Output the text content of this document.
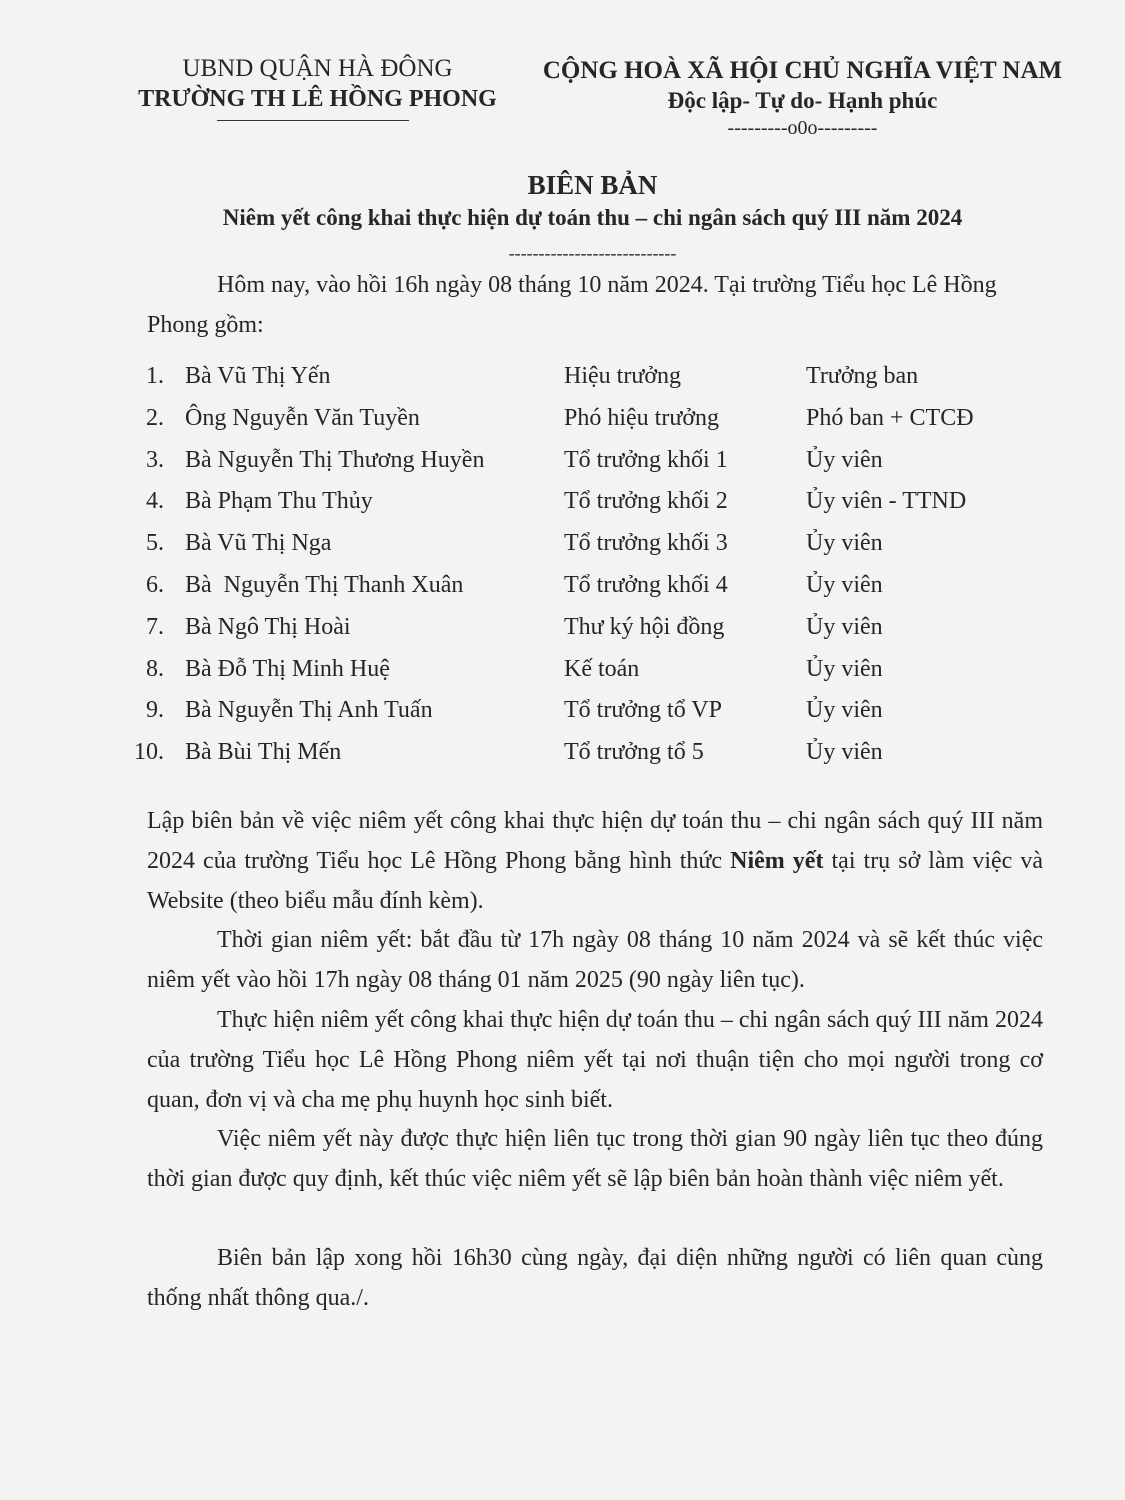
UBND QUẬN HÀ ĐÔNG
TRƯỜNG TH LÊ HỒNG PHONG
CỘNG HOÀ XÃ HỘI CHỦ NGHĨA VIỆT NAM
Độc lập- Tự do- Hạnh phúc
---------o0o---------
BIÊN BẢN
Niêm yết công khai thực hiện dự toán thu – chi ngân sách quý III năm 2024
----------------------------
Hôm nay, vào hồi 16h ngày 08 tháng 10 năm 2024. Tại trường Tiểu học Lê Hồng Phong gồm:
1. Bà Vũ Thị Yến	Hiệu trưởng	Trưởng ban
2. Ông Nguyễn Văn Tuyền	Phó hiệu trưởng	Phó ban + CTCĐ
3. Bà Nguyễn Thị Thương Huyền	Tổ trưởng khối 1	Ủy viên
4. Bà Phạm Thu Thủy	Tổ trưởng khối 2	Ủy viên - TTND
5. Bà Vũ Thị Nga	Tổ trưởng khối 3	Ủy viên
6. Bà  Nguyễn Thị Thanh Xuân	Tổ trưởng khối 4	Ủy viên
7. Bà Ngô Thị Hoài	Thư ký hội đồng	Ủy viên
8. Bà Đỗ Thị Minh Huệ	Kế toán	Ủy viên
9. Bà Nguyễn Thị Anh Tuấn	Tổ trưởng tổ VP	Ủy viên
10. Bà Bùi Thị Mến	Tổ trưởng tổ 5	Ủy viên
Lập biên bản về việc niêm yết công khai thực hiện dự toán thu – chi ngân sách quý III năm 2024 của trường Tiểu học Lê Hồng Phong bằng hình thức Niêm yết tại trụ sở làm việc và Website (theo biểu mẫu đính kèm).
Thời gian niêm yết: bắt đầu từ 17h ngày 08 tháng 10 năm 2024 và sẽ kết thúc việc niêm yết vào hồi 17h ngày 08 tháng 01 năm 2025 (90 ngày liên tục).
Thực hiện niêm yết công khai thực hiện dự toán thu – chi ngân sách quý III năm 2024 của trường Tiểu học Lê Hồng Phong niêm yết tại nơi thuận tiện cho mọi người trong cơ quan, đơn vị và cha mẹ phụ huynh học sinh biết.
Việc niêm yết này được thực hiện liên tục trong thời gian 90 ngày liên tục theo đúng thời gian được quy định, kết thúc việc niêm yết sẽ lập biên bản hoàn thành việc niêm yết.
Biên bản lập xong hồi 16h30 cùng ngày, đại diện những người có liên quan cùng thống nhất thông qua./.
